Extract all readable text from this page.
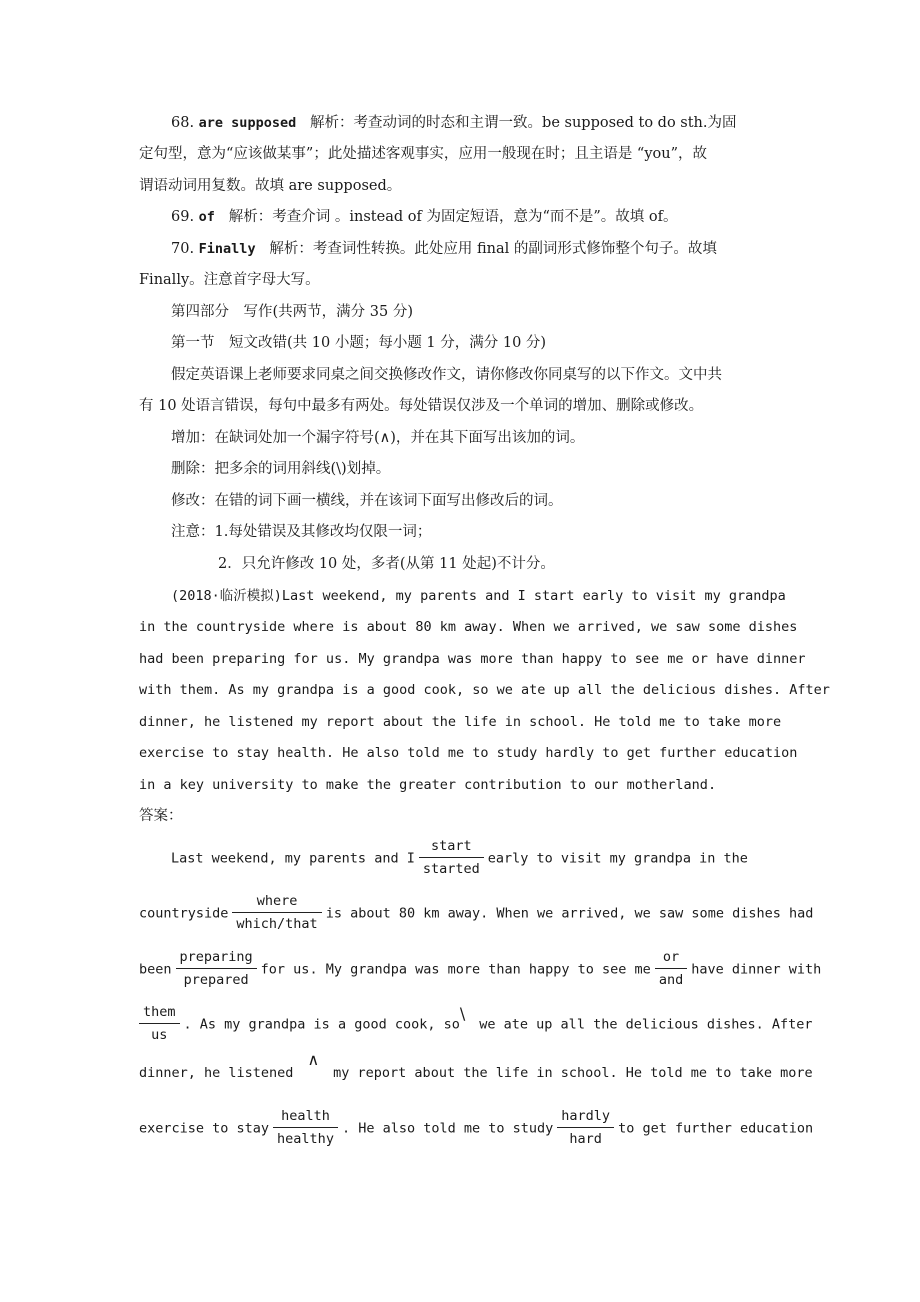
68. are supposed 解析：考查动词的时态和主谓一致。be supposed to do sth.为固
定句型，意为“应该做某事”；此处描述客观事实，应用一般现在时；且主语是 “you”，故
谓语动词用复数。故填 are supposed。
69. of 解析：考查介词 。instead of 为固定短语，意为“而不是”。故填 of。
70. Finally 解析：考查词性转换。此处应用 final 的副词形式修饰整个句子。故填
Finally。注意首字母大写。
第四部分　写作(共两节，满分 35 分)
第一节　短文改错(共 10 小题；每小题 1 分，满分 10 分)
假定英语课上老师要求同桌之间交换修改作文，请你修改你同桌写的以下作文。文中共
有 10 处语言错误，每句中最多有两处。每处错误仅涉及一个单词的增加、删除或修改。
增加：在缺词处加一个漏字符号(∧)，并在其下面写出该加的词。
删除：把多余的词用斜线(\)划掉。
修改：在错的词下画一横线，并在该词下面写出修改后的词。
注意：1.每处错误及其修改均仅限一词；
2．只允许修改 10 处，多者(从第 11 处起)不计分。
(2018·临沂模拟)Last weekend, my parents and I start early to visit my grandpa
in the countryside where is about 80 km away. When we arrived, we saw some dishes
had been preparing for us. My grandpa was more than happy to see me or have dinner
with them. As my grandpa is a good cook, so we ate up all the delicious dishes. After
dinner, he listened my report about the life in school. He told me to take more
exercise to stay health. He also told me to study hardly to get further education
in a key university to make the greater contribution to our motherland.
答案：
Last weekend, my parents and I
start
started
early to visit my grandpa in the
countryside
where
which/that
is about 80 km away. When we arrived, we saw some dishes had
been
preparing
prepared
for us. My grandpa was more than happy to see me
or
and
have dinner with
them
us
. As my grandpa is a good cook, so\we ate up all the delicious dishes. After
dinner, he listened∧my report about the life in school. He told me to take more
exercise to stay
health
healthy
. He also told me to study
hardly
hard
to get further education
